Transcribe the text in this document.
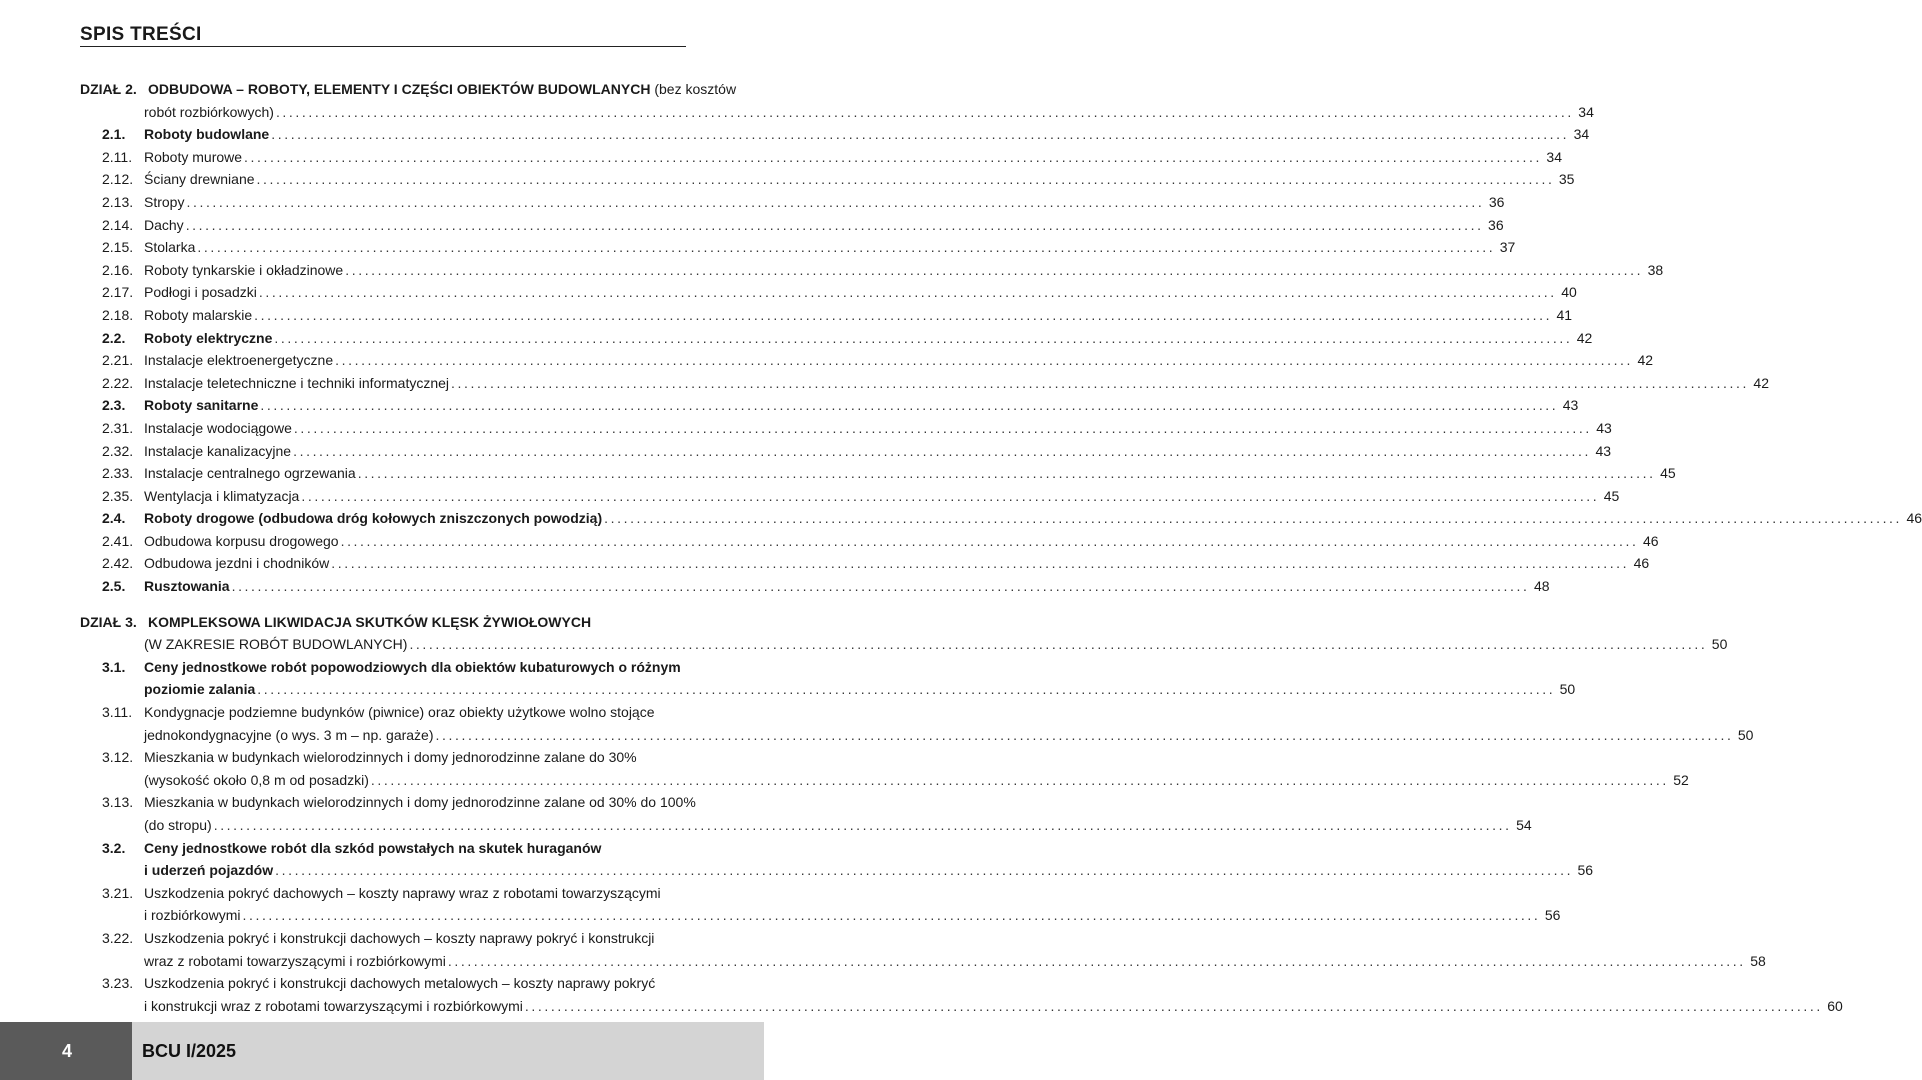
SPIS TREŚCI
DZIAŁ 2. ODBUDOWA – ROBOTY, ELEMENTY I CZĘŚCI OBIEKTÓW BUDOWLANYCH (bez kosztów
robót rozbiórkowych) ........................................................................................................................................................................................................ 34
2.1.	Roboty budowlane ........................................................................................................................................................................................................ 34
2.11. Roboty murowe ........................................................................................................................................................................................................ 34
2.12. Ściany drewniane ........................................................................................................................................................................................................ 35
2.13. Stropy ........................................................................................................................................................................................................ 36
2.14. Dachy ........................................................................................................................................................................................................ 36
2.15. Stolarka ........................................................................................................................................................................................................ 37
2.16. Roboty tynkarskie i okładzinowe ........................................................................................................................................................................................................ 38
2.17. Podłogi i posadzki ........................................................................................................................................................................................................ 40
2.18. Roboty malarskie ........................................................................................................................................................................................................ 41
2.2.	Roboty elektryczne ........................................................................................................................................................................................................ 42
2.21. Instalacje elektroenergetyczne ........................................................................................................................................................................................................ 42
2.22. Instalacje teletechniczne i techniki informatycznej ........................................................................................................................................................................................................ 42
2.3.	Roboty sanitarne ........................................................................................................................................................................................................ 43
2.31. Instalacje wodociągowe ........................................................................................................................................................................................................ 43
2.32. Instalacje kanalizacyjne ........................................................................................................................................................................................................ 43
2.33. Instalacje centralnego ogrzewania ........................................................................................................................................................................................................ 45
2.35. Wentylacja i klimatyzacja ........................................................................................................................................................................................................ 45
2.4.	Roboty drogowe (odbudowa dróg kołowych zniszczonych powodzią) ........................................................................................................................................................................................................ 46
2.41. Odbudowa korpusu drogowego ........................................................................................................................................................................................................ 46
2.42. Odbudowa jezdni i chodników ........................................................................................................................................................................................................ 46
2.5.	Rusztowania ........................................................................................................................................................................................................ 48
DZIAŁ 3. KOMPLEKSOWA LIKWIDACJA SKUTKÓW KLĘSK ŻYWIOŁOWYCH
(W ZAKRESIE ROBÓT BUDOWLANYCH) ........................................................................................................................................................................................................ 50
3.1.	Ceny jednostkowe robót popowodziowych dla obiektów kubaturowych o różnym
poziomie zalania ........................................................................................................................................................................................................ 50
3.11. Kondygnacje podziemne budynków (piwnice) oraz obiekty użytkowe wolno stojące
jednokondygnacyjne (o wys. 3 m – np. garaże) ........................................................................................................................................................................................................ 50
3.12. Mieszkania w budynkach wielorodzinnych i domy jednorodzinne zalane do 30%
(wysokość około 0,8 m od posadzki) ........................................................................................................................................................................................................ 52
3.13. Mieszkania w budynkach wielorodzinnych i domy jednorodzinne zalane od 30% do 100%
(do stropu) ........................................................................................................................................................................................................ 54
3.2.	Ceny jednostkowe robót dla szkód powstałych na skutek huraganów
i uderzeń pojazdów ........................................................................................................................................................................................................ 56
3.21. Uszkodzenia pokryć dachowych – koszty naprawy wraz z robotami towarzyszącymi
i rozbiórkowymi ........................................................................................................................................................................................................ 56
3.22. Uszkodzenia pokryć i konstrukcji dachowych – koszty naprawy pokryć i konstrukcji
wraz z robotami towarzyszącymi i rozbiórkowymi ........................................................................................................................................................................................................ 58
3.23. Uszkodzenia pokryć i konstrukcji dachowych metalowych – koszty naprawy pokryć
i konstrukcji wraz z robotami towarzyszącymi i rozbiórkowymi ........................................................................................................................................................................................................ 60
4	BCU I/2025
